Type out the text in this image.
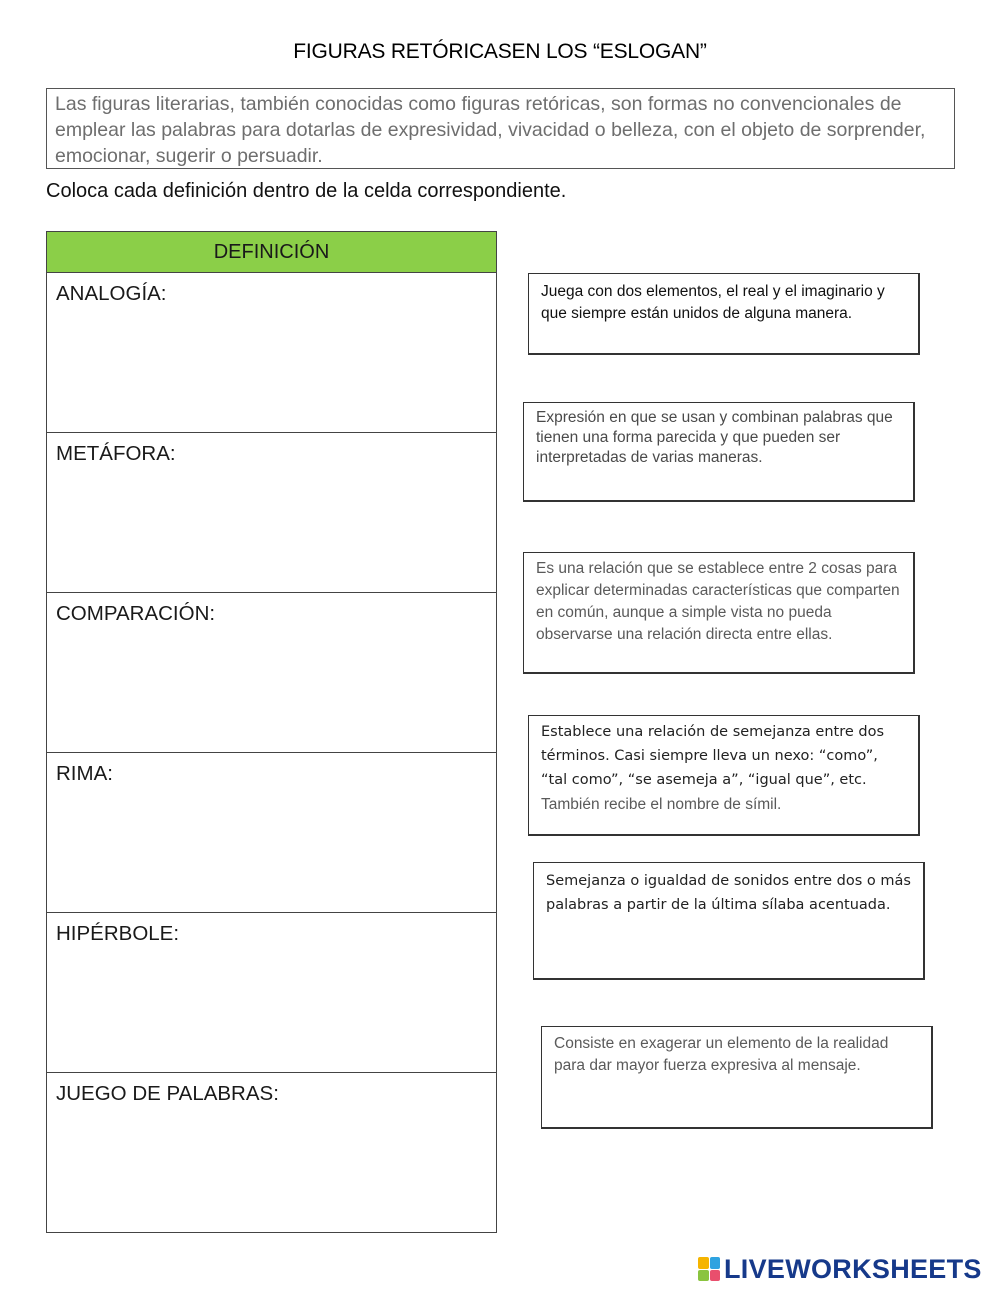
FIGURAS RETÓRICASEN LOS “ESLOGAN”
Las figuras literarias, también conocidas como figuras retóricas, son formas no convencionales de emplear las palabras para dotarlas de expresividad, vivacidad o belleza, con el objeto de sorprender, emocionar, sugerir o persuadir.
Coloca cada definición dentro de la celda correspondiente.
DEFINICIÓN
ANALOGÍA:
METÁFORA:
COMPARACIÓN:
RIMA:
HIPÉRBOLE:
JUEGO DE PALABRAS:
Juega con dos elementos, el real y el imaginario y que siempre están unidos de alguna manera.
Expresión en que se usan y combinan palabras que tienen una forma parecida y que pueden ser interpretadas de varias maneras.
Es una relación que se establece entre 2 cosas para explicar determinadas características que comparten en común, aunque a simple vista no pueda observarse una relación directa entre ellas.
Establece una relación de semejanza entre dos términos. Casi siempre lleva un nexo: “como”, “tal como”, “se asemeja a”, “igual que”, etc. También recibe el nombre de símil.
Semejanza o igualdad de sonidos entre dos o más palabras a partir de la última sílaba acentuada.
Consiste en exagerar un elemento de la realidad para dar mayor fuerza expresiva al mensaje.
LIVEWORKSHEETS
